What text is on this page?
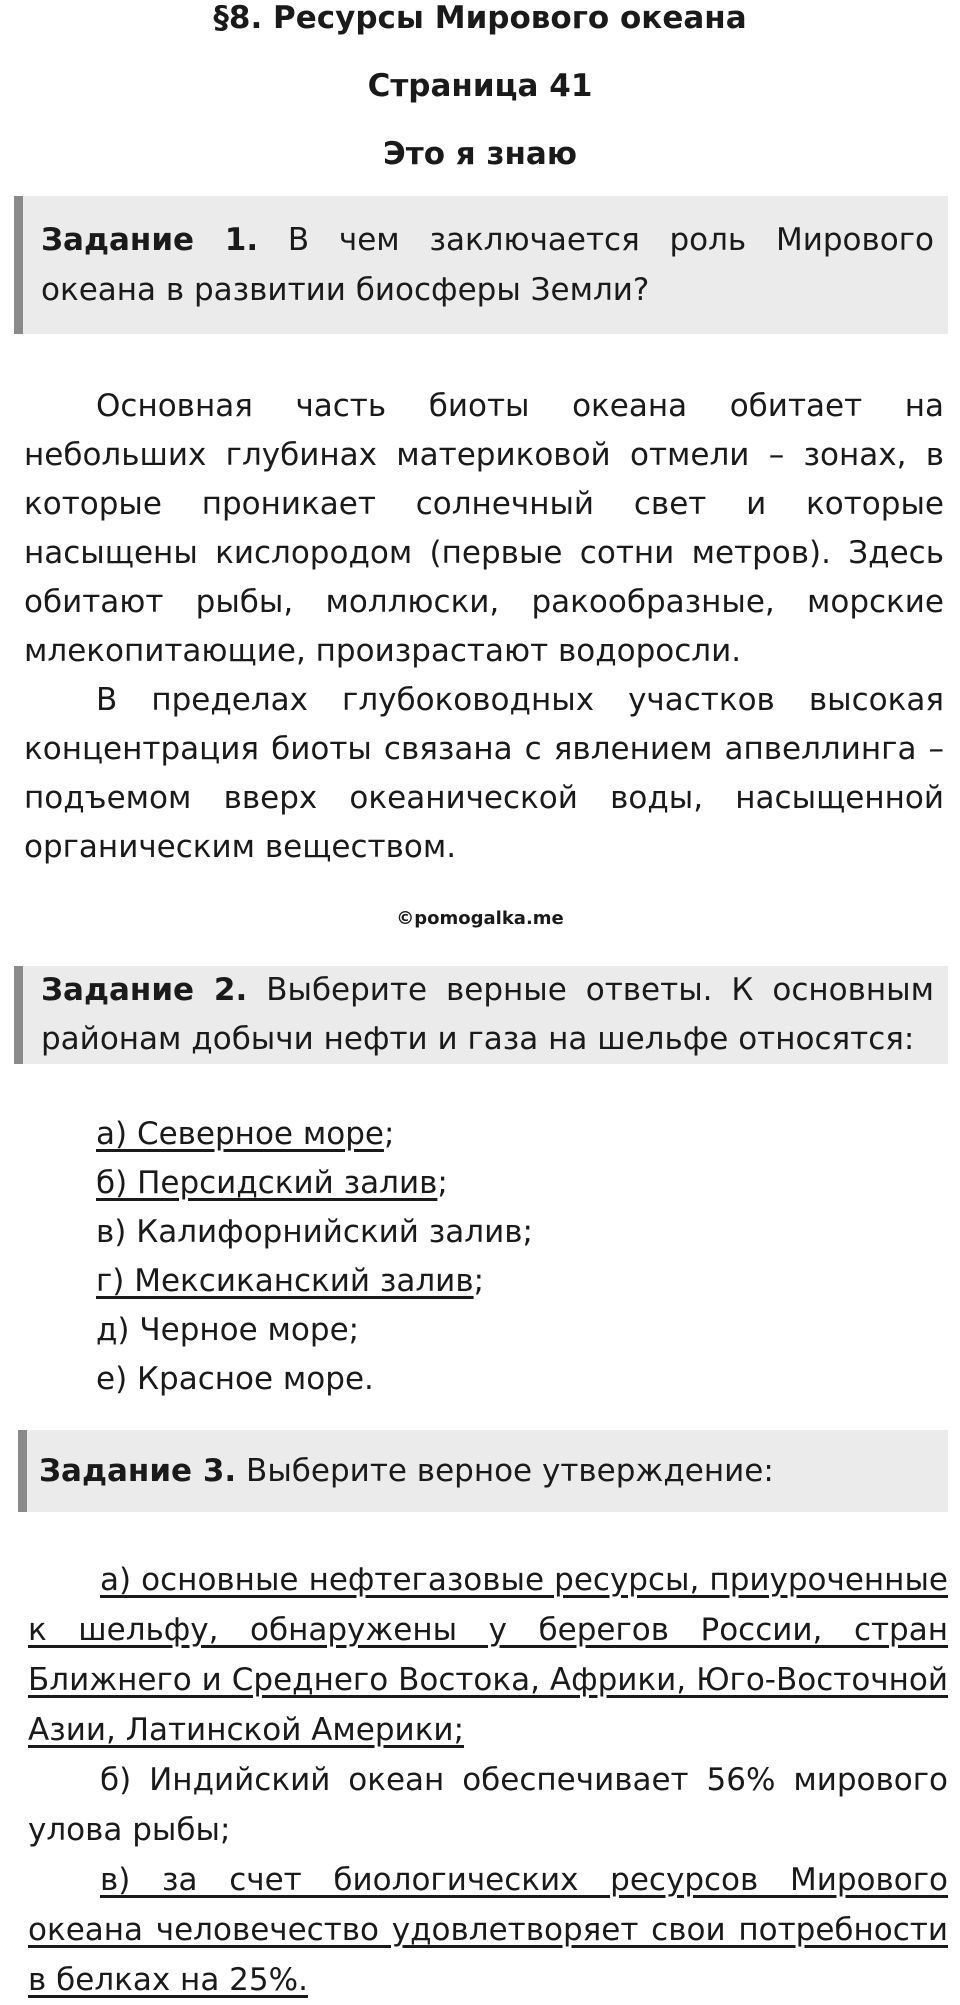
§8. Ресурсы Мирового океана
Страница 41
Это я знаю
Задание 1. В чем заключается роль Мирового океана в развитии биосферы Земли?

Основная часть биоты океана обитает на небольших глубинах материковой отмели – зонах, в которые проникает солнечный свет и которые насыщены кислородом (первые сотни метров). Здесь обитают рыбы, моллюски, ракообразные, морские млекопитающие, произрастают водоросли.

В пределах глубоководных участков высокая концентрация биоты связана с явлением апвеллинга – подъемом вверх океанической воды, насыщенной органическим веществом.

©pomogalka.me
Задание 2. Выберите верные ответы. К основным районам добычи нефти и газа на шельфе относятся:
а) Северное море;
б) Персидский залив;
в) Калифорнийский залив;
г) Мексиканский залив;
д) Черное море;
е) Красное море.
Задание 3. Выберите верное утверждение:

а) основные нефтегазовые ресурсы, приуроченные к шельфу, обнаружены у берегов России, стран Ближнего и Среднего Востока, Африки, Юго-Восточной Азии, Латинской Америки;

б) Индийский океан обеспечивает 56% мирового улова рыбы;

в) за счет биологических ресурсов Мирового океана человечество удовлетворяет свои потребности в белках на 25%.
